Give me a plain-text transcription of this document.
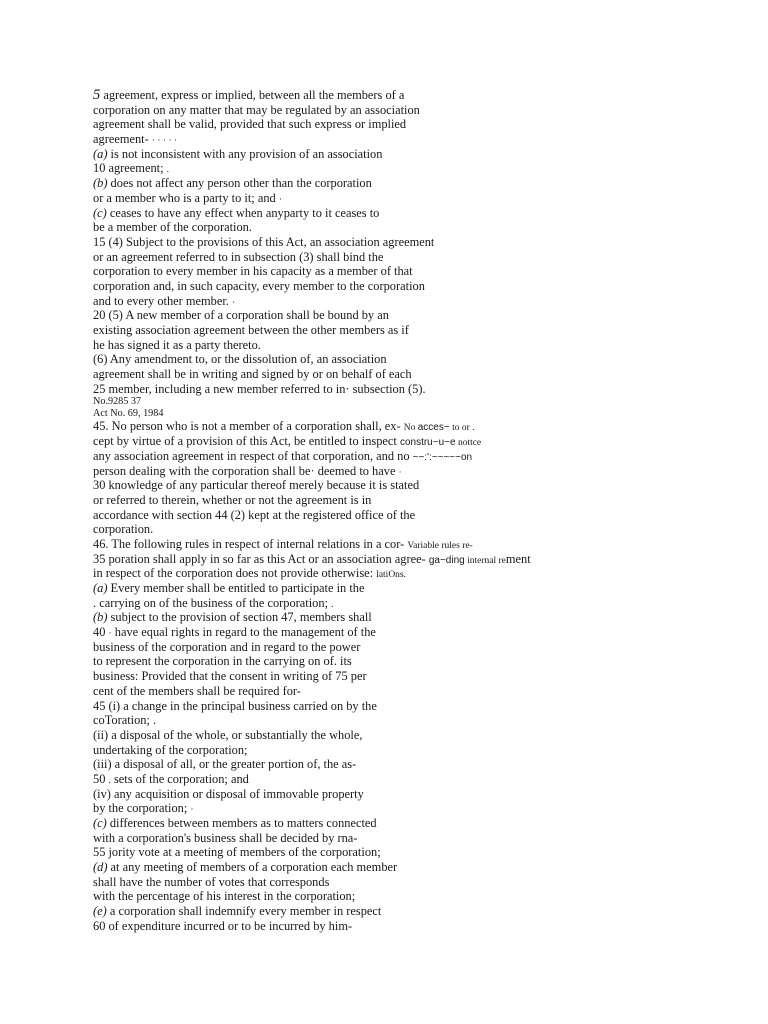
5 agreement, express or implied, between all the members of a
corporation on any matter that may be regulated by an association
agreement shall be valid, provided that such express or implied
agreement- · · · · ·
(a) is not inconsistent with any provision of an association
10 agreement; .
(b) does not affect any person other than the corporation
or a member who is a party to it; and ·
(c) ceases to have any effect when anyparty to it ceases to
be a member of the corporation.
15 (4) Subject to the provisions of this Act, an association agreement
or an agreement referred to in subsection (3) shall bind the
corporation to every member in his capacity as a member of that
corporation and, in such capacity, every member to the corporation
and to every other member. ·
20 (5) A new member of a corporation shall be bound by an
existing association agreement between the other members as if
he has signed it as a party thereto.
(6) Any amendment to, or the dissolution of, an association
agreement shall be in writing and signed by or on behalf of each
25 member, including a new member referred to in· subsection (5).
No.9285 37
Act No. 69, 1984
45. No person who is not a member of a corporation shall, ex- No acces~ to or .
cept by virtue of a provision of this Act, be entitled to inspect constru~u~e nottce
any association agreement in respect of that corporation, and no ~~:':~~~~~on
person dealing with the corporation shall be· deemed to have ·
30 knowledge of any particular thereof merely because it is stated
or referred to therein, whether or not the agreement is in
accordance with section 44 (2) kept at the registered office of the
corporation.
46. The following rules in respect of internal relations in a cor- Variable rules re-
35 poration shall apply in so far as this Act or an association agree- ga~ding internal rement
in respect of the corporation does not provide otherwise: latiOns.
(a) Every member shall be entitled to participate in the
. carrying on of the business of the corporation; .
(b) subject to the provision of section 47, members shall
40 · have equal rights in regard to the management of the
business of the corporation and in regard to the power
to represent the corporation in the carrying on of. its
business: Provided that the consent in writing of 75 per
cent of the members shall be required for-
45 (i) a change in the principal business carried on by the
coToration; .
(ii) a disposal of the whole, or substantially the whole,
undertaking of the corporation;
(iii) a disposal of all, or the greater portion of, the as-
50 . sets of the corporation; and
(iv) any acquisition or disposal of immovable property
by the corporation; ·
(c) differences between members as to matters connected
with a corporation's business shall be decided by rna-
55 jority vote at a meeting of members of the corporation;
(d) at any meeting of members of a corporation each member
shall have the number of votes that corresponds
with the percentage of his interest in the corporation;
(e) a corporation shall indemnify every member in respect
60 of expenditure incurred or to be incurred by him-
